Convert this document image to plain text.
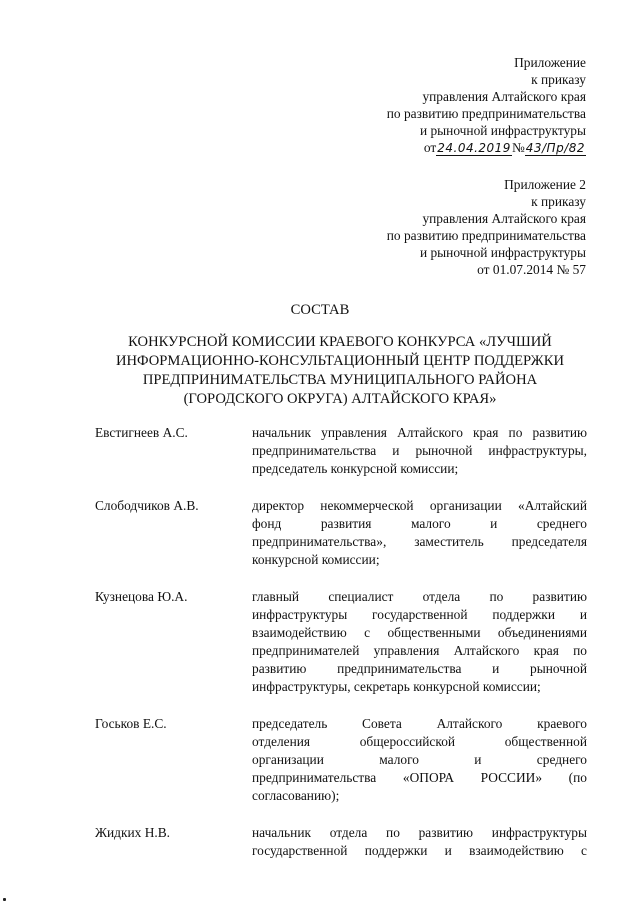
Приложение
к приказу
управления Алтайского края
по развитию предпринимательства
и рыночной инфраструктуры
от24.04.2019№43/Пр/82
Приложение 2
к приказу
управления Алтайского края
по развитию предпринимательства
и рыночной инфраструктуры
от 01.07.2014 № 57
СОСТАВ
КОНКУРСНОЙ КОМИССИИ КРАЕВОГО КОНКУРСА «ЛУЧШИЙ
ИНФОРМАЦИОННО-КОНСУЛЬТАЦИОННЫЙ ЦЕНТР ПОДДЕРЖКИ
ПРЕДПРИНИМАТЕЛЬСТВА МУНИЦИПАЛЬНОГО РАЙОНА
(ГОРОДСКОГО ОКРУГА) АЛТАЙСКОГО КРАЯ»
Евстигнеев А.С.	начальник управления Алтайского края по развитию
предпринимательства и рыночной инфраструктуры,
председатель конкурсной комиссии;
Слободчиков А.В.	директор некоммерческой организации «Алтайский
фонд развития малого и среднего
предпринимательства», заместитель председателя
конкурсной комиссии;
Кузнецова Ю.А.	главный специалист отдела по развитию
инфраструктуры государственной поддержки и
взаимодействию с общественными объединениями
предпринимателей управления Алтайского края по
развитию предпринимательства и рыночной
инфраструктуры, секретарь конкурсной комиссии;
Госьков Е.С.	председатель Совета Алтайского краевого
отделения общероссийской общественной
организации малого и среднего
предпринимательства «ОПОРА РОССИИ» (по
согласованию);
Жидких Н.В.	начальник отдела по развитию инфраструктуры
государственной поддержки и взаимодействию с
